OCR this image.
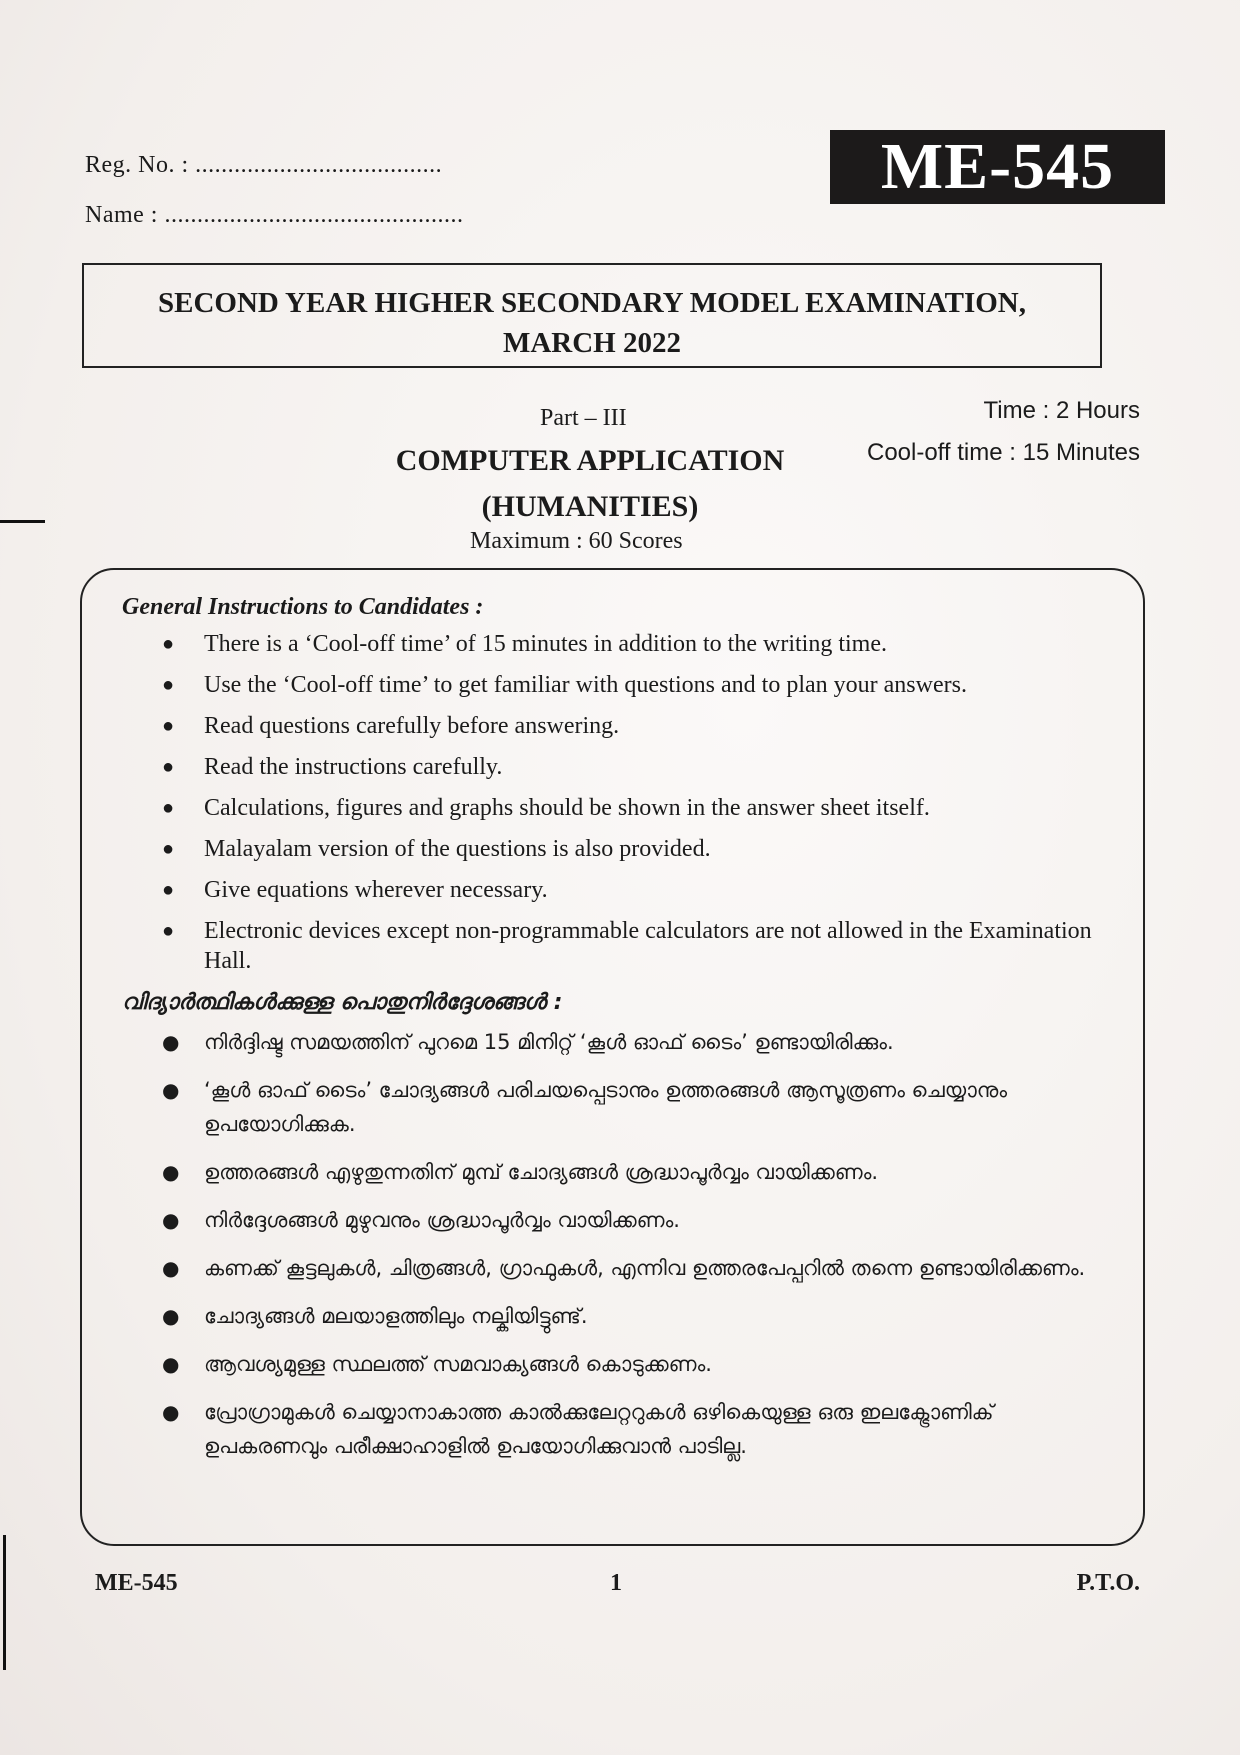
Reg. No. : ......................................
Name : ..............................................
ME-545
SECOND YEAR HIGHER SECONDARY MODEL EXAMINATION,
MARCH 2022
Part – III
COMPUTER APPLICATION
(HUMANITIES)
Maximum : 60 Scores
Time : 2 Hours
Cool-off time : 15 Minutes
General Instructions to Candidates :
● There is a ‘Cool-off time’ of 15 minutes in addition to the writing time.
● Use the ‘Cool-off time’ to get familiar with questions and to plan your answers.
● Read questions carefully before answering.
● Read the instructions carefully.
● Calculations, figures and graphs should be shown in the answer sheet itself.
● Malayalam version of the questions is also provided.
● Give equations wherever necessary.
● Electronic devices except non-programmable calculators are not allowed in the Examination Hall.
വിദ്യാർത്ഥികൾക്കുള്ള പൊതുനിർദ്ദേശങ്ങൾ :
● നിർദ്ദിഷ്ട സമയത്തിന് പുറമെ 15 മിനിറ്റ് ‘കൂൾ ഓഫ് ടൈം’ ഉണ്ടായിരിക്കും.
● ‘കൂൾ ഓഫ് ടൈം’ ചോദ്യങ്ങൾ പരിചയപ്പെടാനും ഉത്തരങ്ങൾ ആസൂത്രണം ചെയ്യാനും ഉപയോഗിക്കുക.
● ഉത്തരങ്ങൾ എഴുതുന്നതിന് മുമ്പ് ചോദ്യങ്ങൾ ശ്രദ്ധാപൂർവ്വം വായിക്കണം.
● നിർദ്ദേശങ്ങൾ മുഴുവനും ശ്രദ്ധാപൂർവ്വം വായിക്കണം.
● കണക്ക് കൂട്ടലുകൾ, ചിത്രങ്ങൾ, ഗ്രാഫുകൾ, എന്നിവ ഉത്തരപേപ്പറിൽ തന്നെ ഉണ്ടായിരിക്കണം.
● ചോദ്യങ്ങൾ മലയാളത്തിലും നല്കിയിട്ടുണ്ട്.
● ആവശ്യമുള്ള സ്ഥലത്ത് സമവാക്യങ്ങൾ കൊടുക്കണം.
● പ്രോഗ്രാമുകൾ ചെയ്യാനാകാത്ത കാൽക്കുലേറ്ററുകൾ ഒഴികെയുള്ള ഒരു ഇലക്ട്രോണിക് ഉപകരണവും പരീക്ഷാഹാളിൽ ഉപയോഗിക്കുവാൻ പാടില്ല.
ME-545	1	P.T.O.
